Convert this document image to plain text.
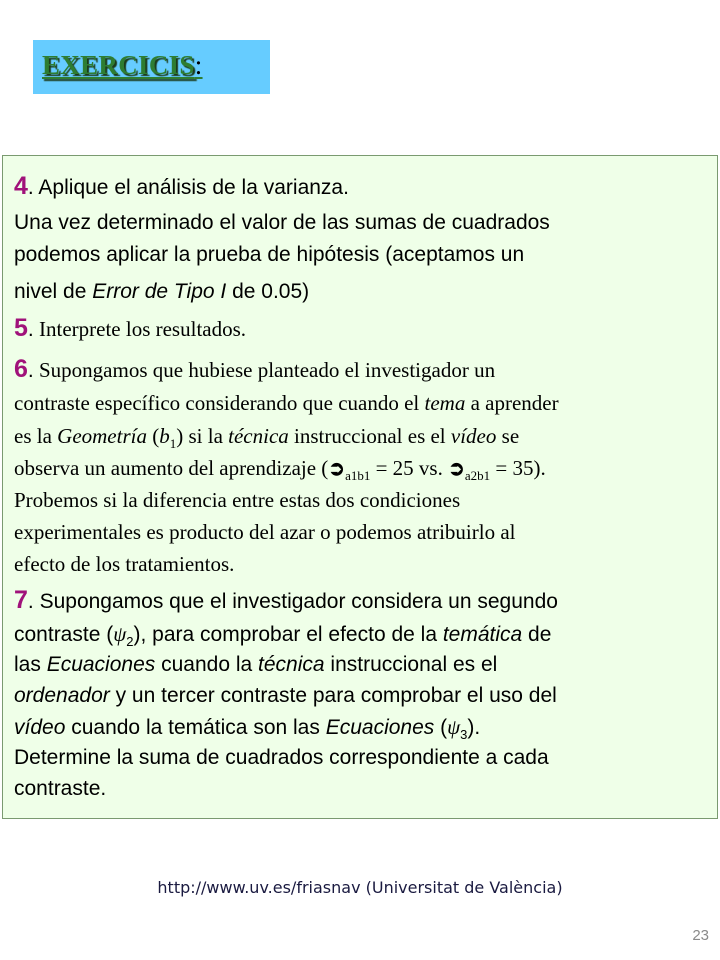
EXERCICIS:
4. Aplique el análisis de la varianza.
Una vez determinado el valor de las sumas de cuadrados
podemos aplicar la prueba de hipótesis (aceptamos un
nivel de Error de Tipo I de 0.05)
5. Interprete los resultados.
6. Supongamos que hubiese planteado el investigador un
contraste específico considerando que cuando el tema a aprender
es la Geometría $(b_1)$ si la técnica instruccional es el vídeo se
observa un aumento del aprendizaje ($➲_{a1b1} = 25$ vs. $➲_{a2b1} = 35$).
Probemos si la diferencia entre estas dos condiciones
experimentales es producto del azar o podemos atribuirlo al
efecto de los tratamientos.
7. Supongamos que el investigador considera un segundo
contraste $(\psi_2)$, para comprobar el efecto de la temática de
las Ecuaciones cuando la técnica instruccional es el
ordenador y un tercer contraste para comprobar el uso del
vídeo cuando la temática son las Ecuaciones $(\psi_3)$.
Determine la suma de cuadrados correspondiente a cada
contraste.
http://www.uv.es/friasnav (Universitat de València)
23
